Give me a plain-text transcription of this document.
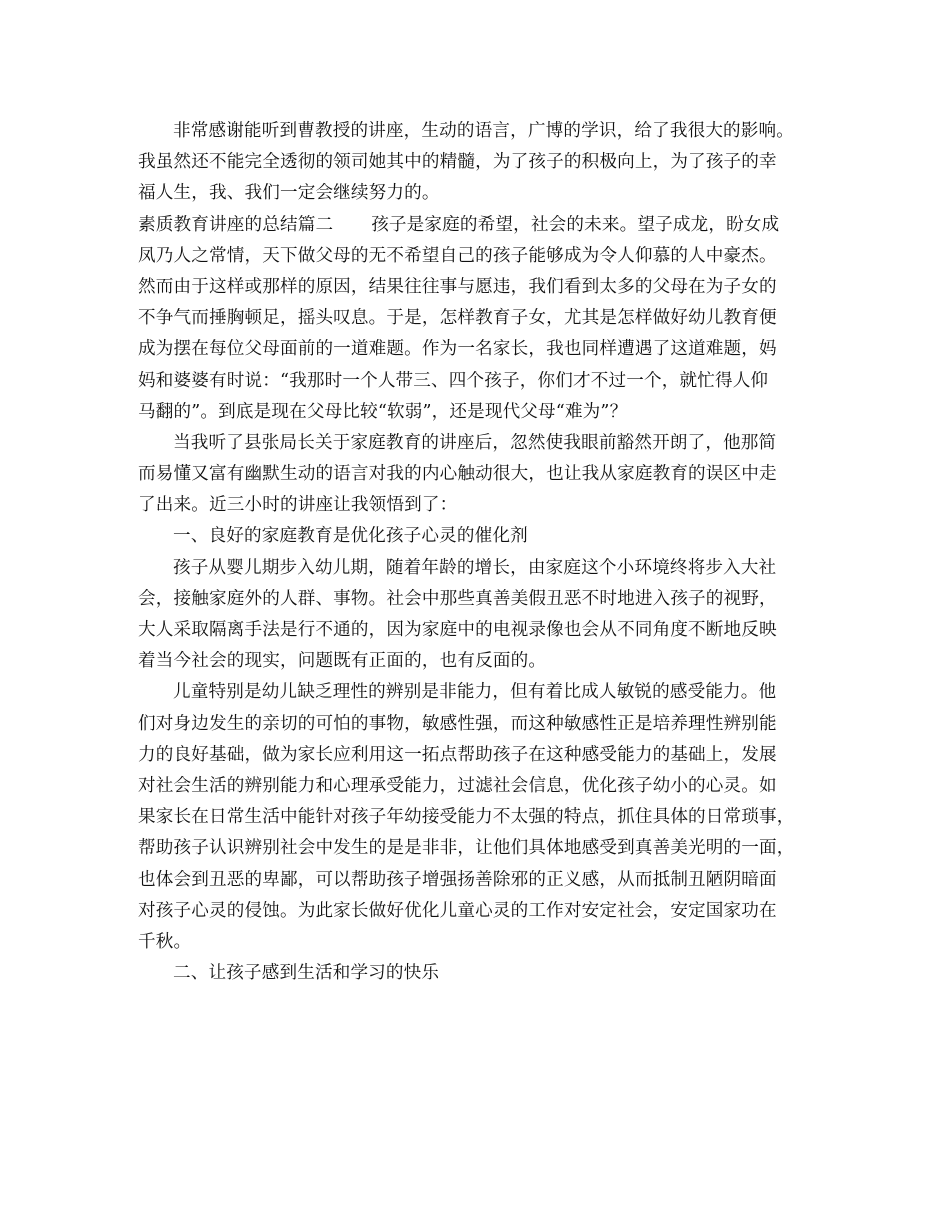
非常感谢能听到曹教授的讲座，生动的语言，广博的学识，给了我很大的影响。
我虽然还不能完全透彻的领司她其中的精髓，为了孩子的积极向上，为了孩子的幸
福人生，我、我们一定会继续努力的。
素质教育讲座的总结篇二 孩子是家庭的希望，社会的未来。望子成龙，盼女成
凤乃人之常情，天下做父母的无不希望自己的孩子能够成为令人仰慕的人中豪杰。
然而由于这样或那样的原因，结果往往事与愿违，我们看到太多的父母在为子女的
不争气而捶胸顿足，摇头叹息。于是，怎样教育子女，尤其是怎样做好幼儿教育便
成为摆在每位父母面前的一道难题。作为一名家长，我也同样遭遇了这道难题，妈
妈和婆婆有时说：“我那时一个人带三、四个孩子，你们才不过一个，就忙得人仰
马翻的”。到底是现在父母比较“软弱”，还是现代父母“难为”？
当我听了县张局长关于家庭教育的讲座后，忽然使我眼前豁然开朗了，他那简
而易懂又富有幽默生动的语言对我的内心触动很大，也让我从家庭教育的误区中走
了出来。近三小时的讲座让我领悟到了：
一、良好的家庭教育是优化孩子心灵的催化剂
孩子从婴儿期步入幼儿期，随着年龄的增长，由家庭这个小环境终将步入大社
会，接触家庭外的人群、事物。社会中那些真善美假丑恶不时地进入孩子的视野，
大人采取隔离手法是行不通的，因为家庭中的电视录像也会从不同角度不断地反映
着当今社会的现实，问题既有正面的，也有反面的。
儿童特别是幼儿缺乏理性的辨别是非能力，但有着比成人敏锐的感受能力。他
们对身边发生的亲切的可怕的事物，敏感性强，而这种敏感性正是培养理性辨别能
力的良好基础，做为家长应利用这一拓点帮助孩子在这种感受能力的基础上，发展
对社会生活的辨别能力和心理承受能力，过滤社会信息，优化孩子幼小的心灵。如
果家长在日常生活中能针对孩子年幼接受能力不太强的特点，抓住具体的日常琐事，
帮助孩子认识辨别社会中发生的是是非非，让他们具体地感受到真善美光明的一面，
也体会到丑恶的卑鄙，可以帮助孩子增强扬善除邪的正义感，从而抵制丑陋阴暗面
对孩子心灵的侵蚀。为此家长做好优化儿童心灵的工作对安定社会，安定国家功在
千秋。
二、让孩子感到生活和学习的快乐
